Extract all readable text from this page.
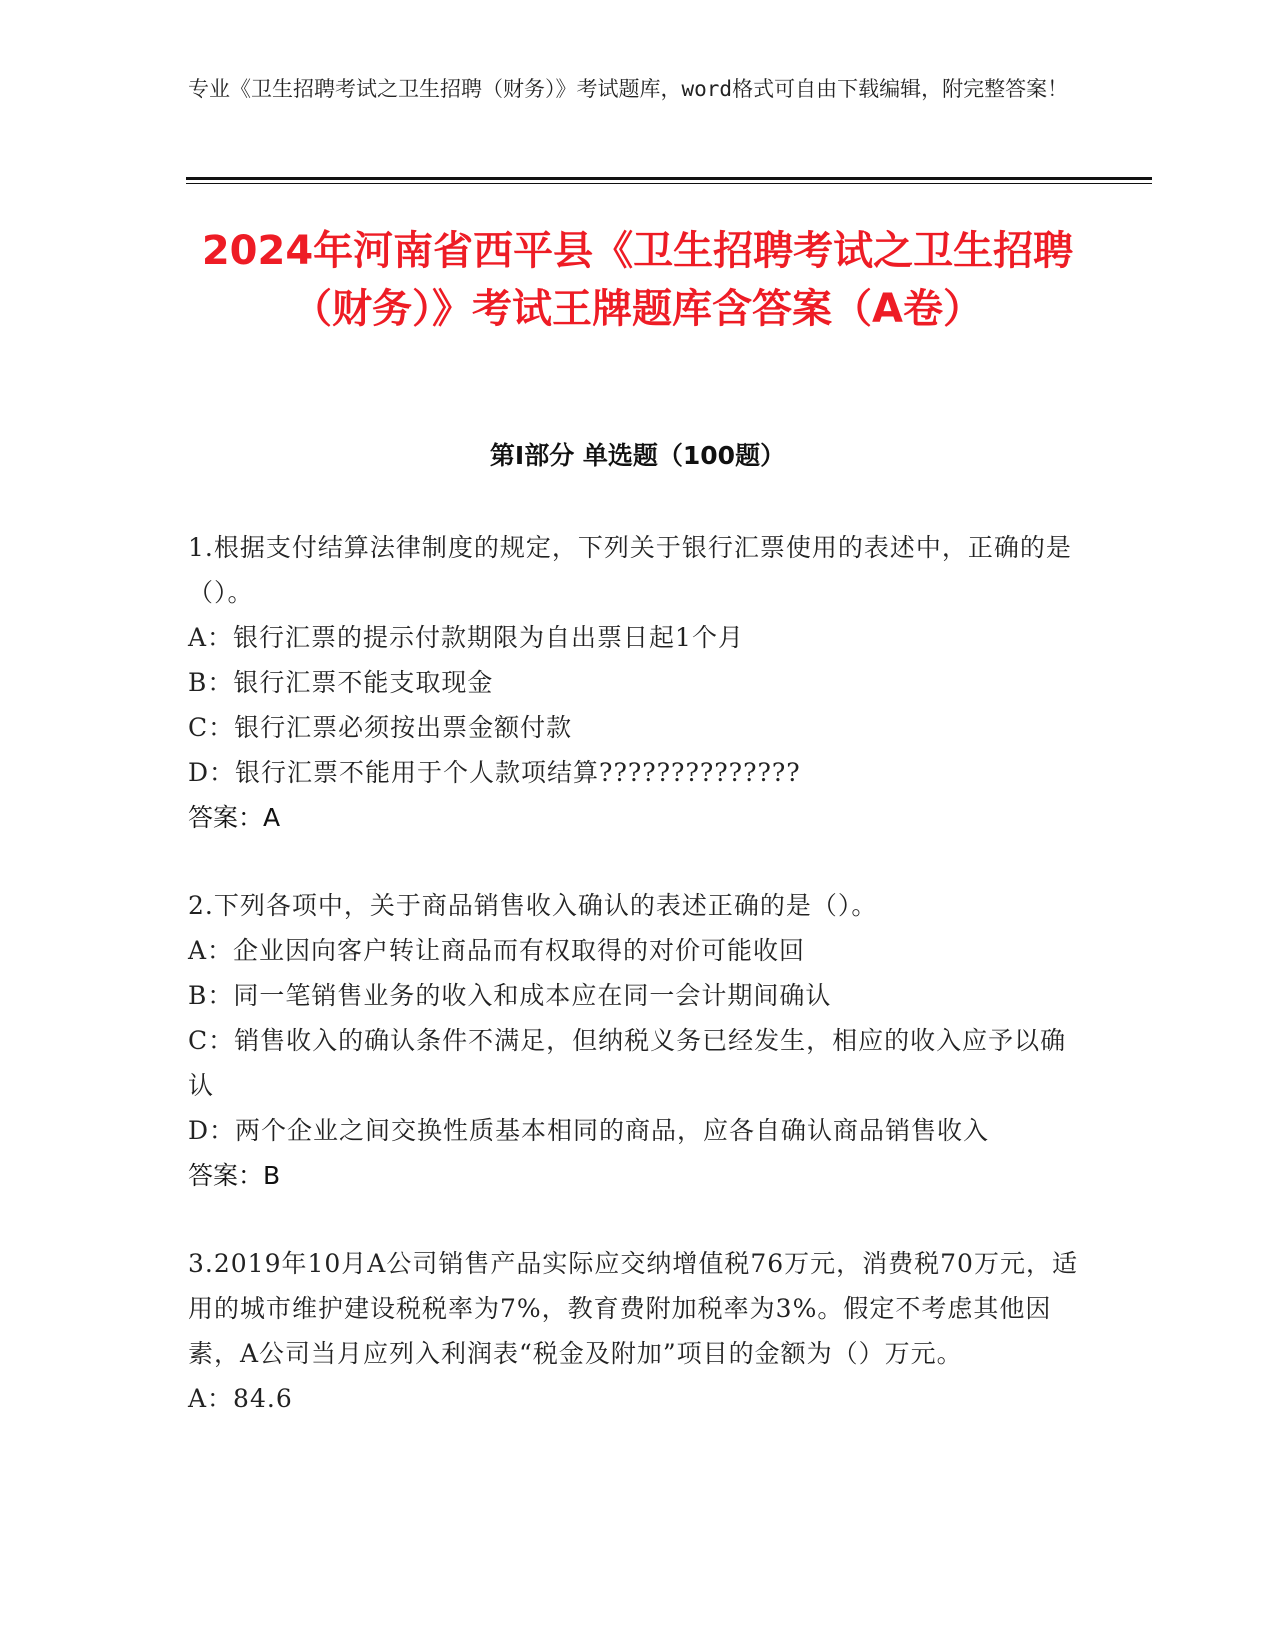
专业《卫生招聘考试之卫生招聘（财务）》考试题库，word格式可自由下载编辑，附完整答案！
2024年河南省西平县《卫生招聘考试之卫生招聘（财务）》考试王牌题库含答案（A卷）
第I部分 单选题（100题）

1.根据支付结算法律制度的规定，下列关于银行汇票使用的表述中，正确的是（）。

A：银行汇票的提示付款期限为自出票日起1个月
B：银行汇票不能支取现金
C：银行汇票必须按出票金额付款
D：银行汇票不能用于个人款项结算??????????????

答案：A

2.下列各项中，关于商品销售收入确认的表述正确的是（）。

A：企业因向客户转让商品而有权取得的对价可能收回
B：同一笔销售业务的收入和成本应在同一会计期间确认
C：销售收入的确认条件不满足，但纳税义务已经发生，相应的收入应予以确认
D：两个企业之间交换性质基本相同的商品，应各自确认商品销售收入

答案：B

3.2019年10月A公司销售产品实际应交纳增值税76万元，消费税70万元，适用的城市维护建设税税率为7%，教育费附加税率为3%。假定不考虑其他因素，A公司当月应列入利润表“税金及附加”项目的金额为（）万元。

A：84.6
